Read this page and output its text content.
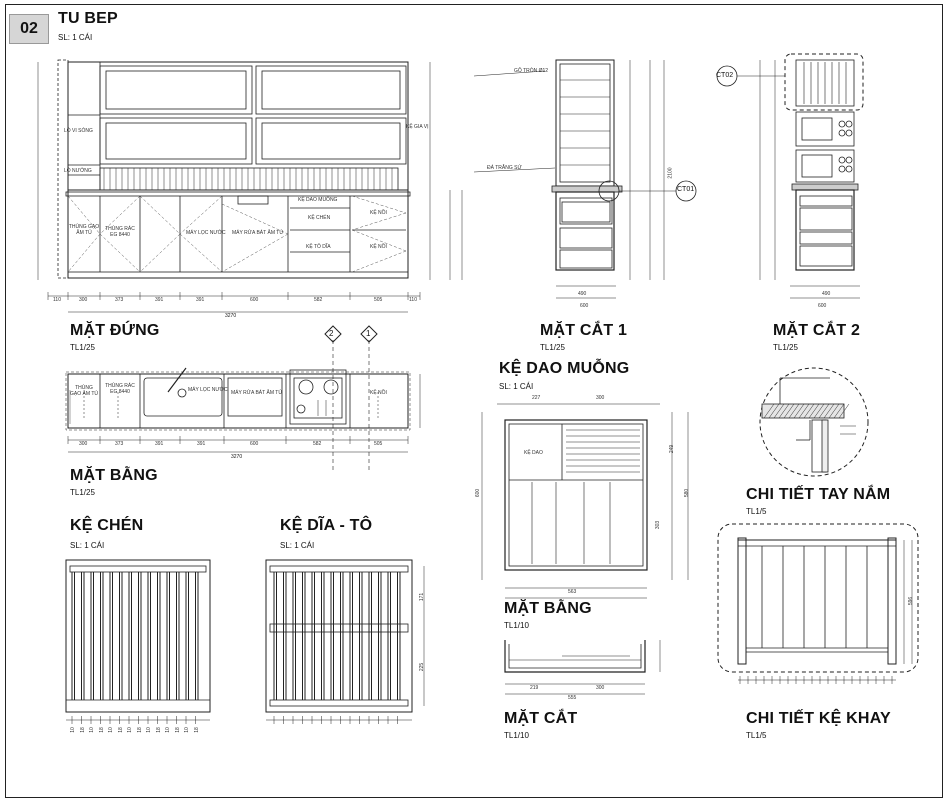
02
TU BEP
SL: 1 CÁI
LÒ VI SÓNG
LÒ NƯỚNG
KỆ GIA VỊ
THÙNG GẠO ÂM TỦ
THÙNG RÁC EG 8440	MÁY LỌC NƯỚC MÁY RỬA BÁT ÂM TỦ
KỆ DAO MUỖNG
KỆ CHÉN
KỆ TÔ DĨA
KỆ NỒI
KỆ NỒI
3270
110	300	373	391	391	600	582	505	110
MẶT ĐỨNG
TL1/25
2	1
THÙNG GẠO ÂM TỦ
THÙNG RÁC EG 8440	MÁY LỌC NƯỚC MÁY RỬA BÁT ÂM TỦ	KỆ NỒI
3270
300	373	391	391	600	582	505
MẶT BẰNG
TL1/25
GỖ TRÒN Ø12
ĐÁ TRẮNG SỨ
CT01
490
600
2100
MẶT CẮT 1
TL1/25
CT02
490
600
MẶT CẮT 2
TL1/25
KỆ DAO MUỖNG
SL: 1 CÁI
KỆ DAO
227	300
563
600	580
249
303
MẶT BẰNG
TL1/10
219	300
555
MẶT CẮT
TL1/10
CHI TIẾT TAY NẮM
TL1/5
596
CHI TIẾT KỆ KHAY
TL1/5
KỆ CHÉN
SL: 1 CÁI
KỆ DĨA - TÔ
SL: 1 CÁI
171
225
10 18 10 18 10 18 10 18 10 18 10 18 10 18
